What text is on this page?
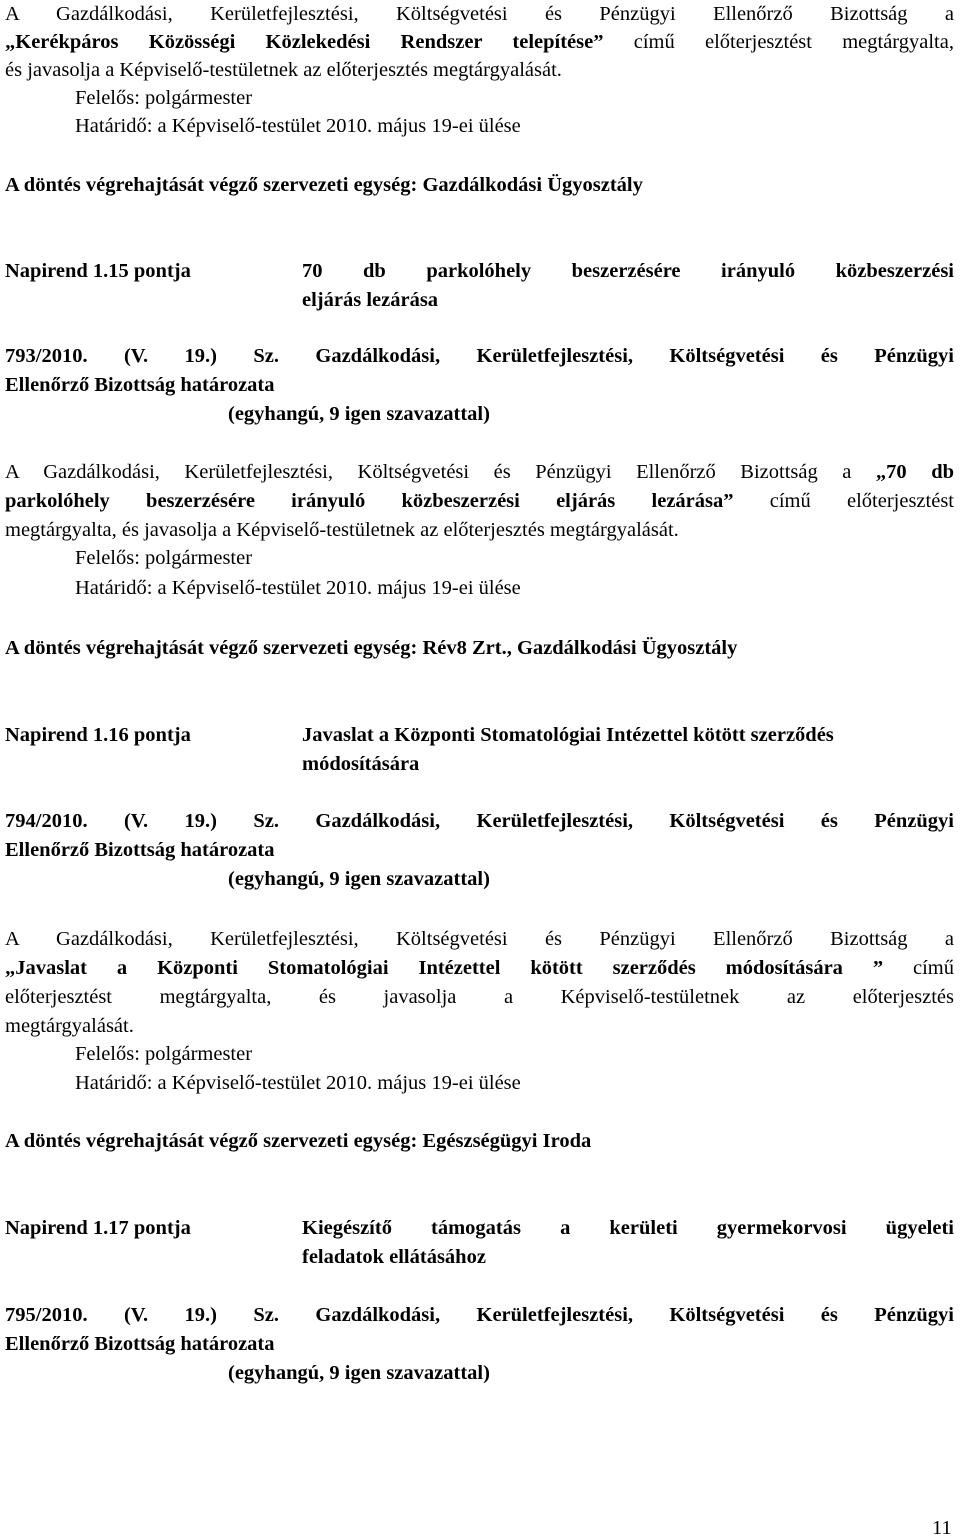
A Gazdálkodási, Kerületfejlesztési, Költségvetési és Pénzügyi Ellenőrző Bizottság a
„Kerékpáros Közösségi Közlekedési Rendszer telepítése” című előterjesztést megtárgyalta,
és javasolja a Képviselő-testületnek az előterjesztés megtárgyalását.
Felelős: polgármester
Határidő: a Képviselő-testület 2010. május 19-ei ülése
A döntés végrehajtását végző szervezeti egység: Gazdálkodási Ügyosztály
Napirend 1.15 pontja	70 db parkolóhely beszerzésére irányuló közbeszerzési
eljárás lezárása
793/2010. (V. 19.) Sz. Gazdálkodási, Kerületfejlesztési, Költségvetési és Pénzügyi
Ellenőrző Bizottság határozata
(egyhangú, 9 igen szavazattal)
A Gazdálkodási, Kerületfejlesztési, Költségvetési és Pénzügyi Ellenőrző Bizottság a „70 db
parkolóhely beszerzésére irányuló közbeszerzési eljárás lezárása” című előterjesztést
megtárgyalta, és javasolja a Képviselő-testületnek az előterjesztés megtárgyalását.
Felelős: polgármester
Határidő: a Képviselő-testület 2010. május 19-ei ülése
A döntés végrehajtását végző szervezeti egység: Rév8 Zrt., Gazdálkodási Ügyosztály
Napirend 1.16 pontja	Javaslat a Központi Stomatológiai Intézettel kötött szerződés
módosítására
794/2010. (V. 19.) Sz. Gazdálkodási, Kerületfejlesztési, Költségvetési és Pénzügyi
Ellenőrző Bizottság határozata
(egyhangú, 9 igen szavazattal)
A Gazdálkodási, Kerületfejlesztési, Költségvetési és Pénzügyi Ellenőrző Bizottság a
„Javaslat a Központi Stomatológiai Intézettel kötött szerződés módosítására ” című
előterjesztést megtárgyalta, és javasolja a Képviselő-testületnek az előterjesztés
megtárgyalását.
Felelős: polgármester
Határidő: a Képviselő-testület 2010. május 19-ei ülése
A döntés végrehajtását végző szervezeti egység: Egészségügyi Iroda
Napirend 1.17 pontja	Kiegészítő támogatás a kerületi gyermekorvosi ügyeleti
feladatok ellátásához
795/2010. (V. 19.) Sz. Gazdálkodási, Kerületfejlesztési, Költségvetési és Pénzügyi
Ellenőrző Bizottság határozata
(egyhangú, 9 igen szavazattal)
11
